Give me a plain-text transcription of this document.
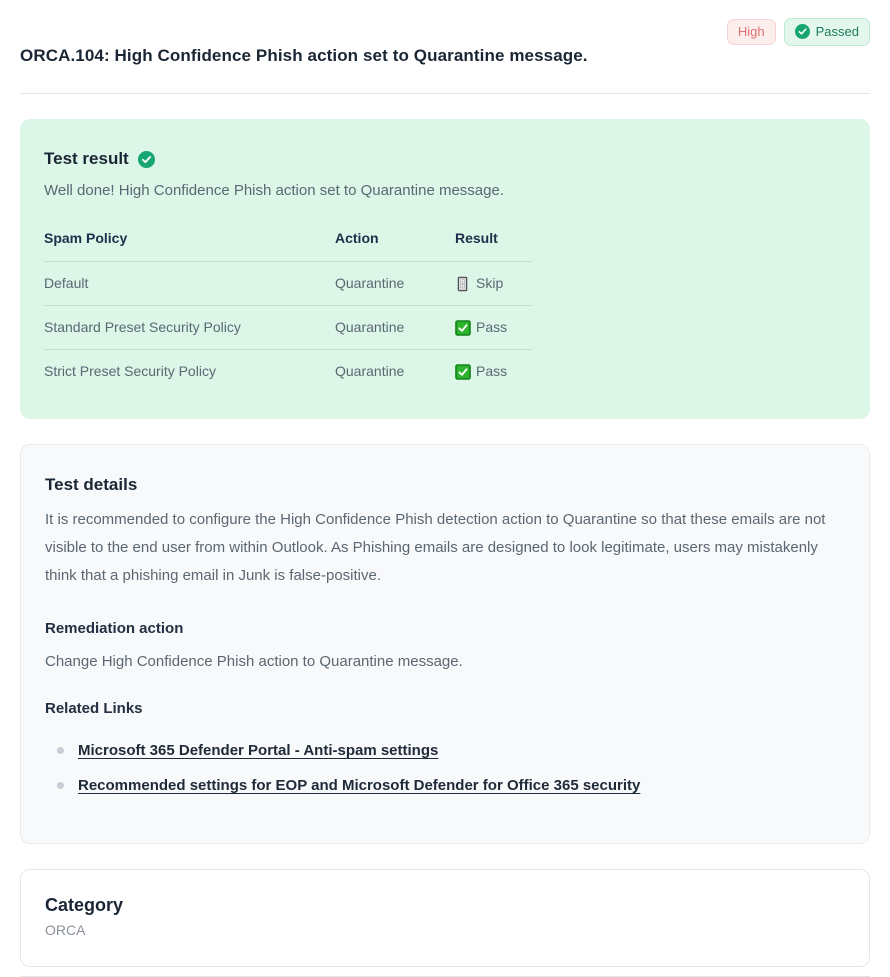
High	Passed
ORCA.104: High Confidence Phish action set to Quarantine message.
Test result

Well done! High Confidence Phish action set to Quarantine message.

Spam Policy	Action	Result
Default	Quarantine	Skip

Standard Preset Security Policy	Quarantine	Pass

Strict Preset Security Policy	Quarantine	Pass
Test details

It is recommended to configure the High Confidence Phish detection action to Quarantine so that these emails are not visible to the end user from within Outlook. As Phishing emails are designed to look legitimate, users may mistakenly think that a phishing email in Junk is false-positive.

Remediation action

Change High Confidence Phish action to Quarantine message.

Related Links
Microsoft 365 Defender Portal - Anti-spam settings
Recommended settings for EOP and Microsoft Defender for Office 365 security
Category
ORCA
